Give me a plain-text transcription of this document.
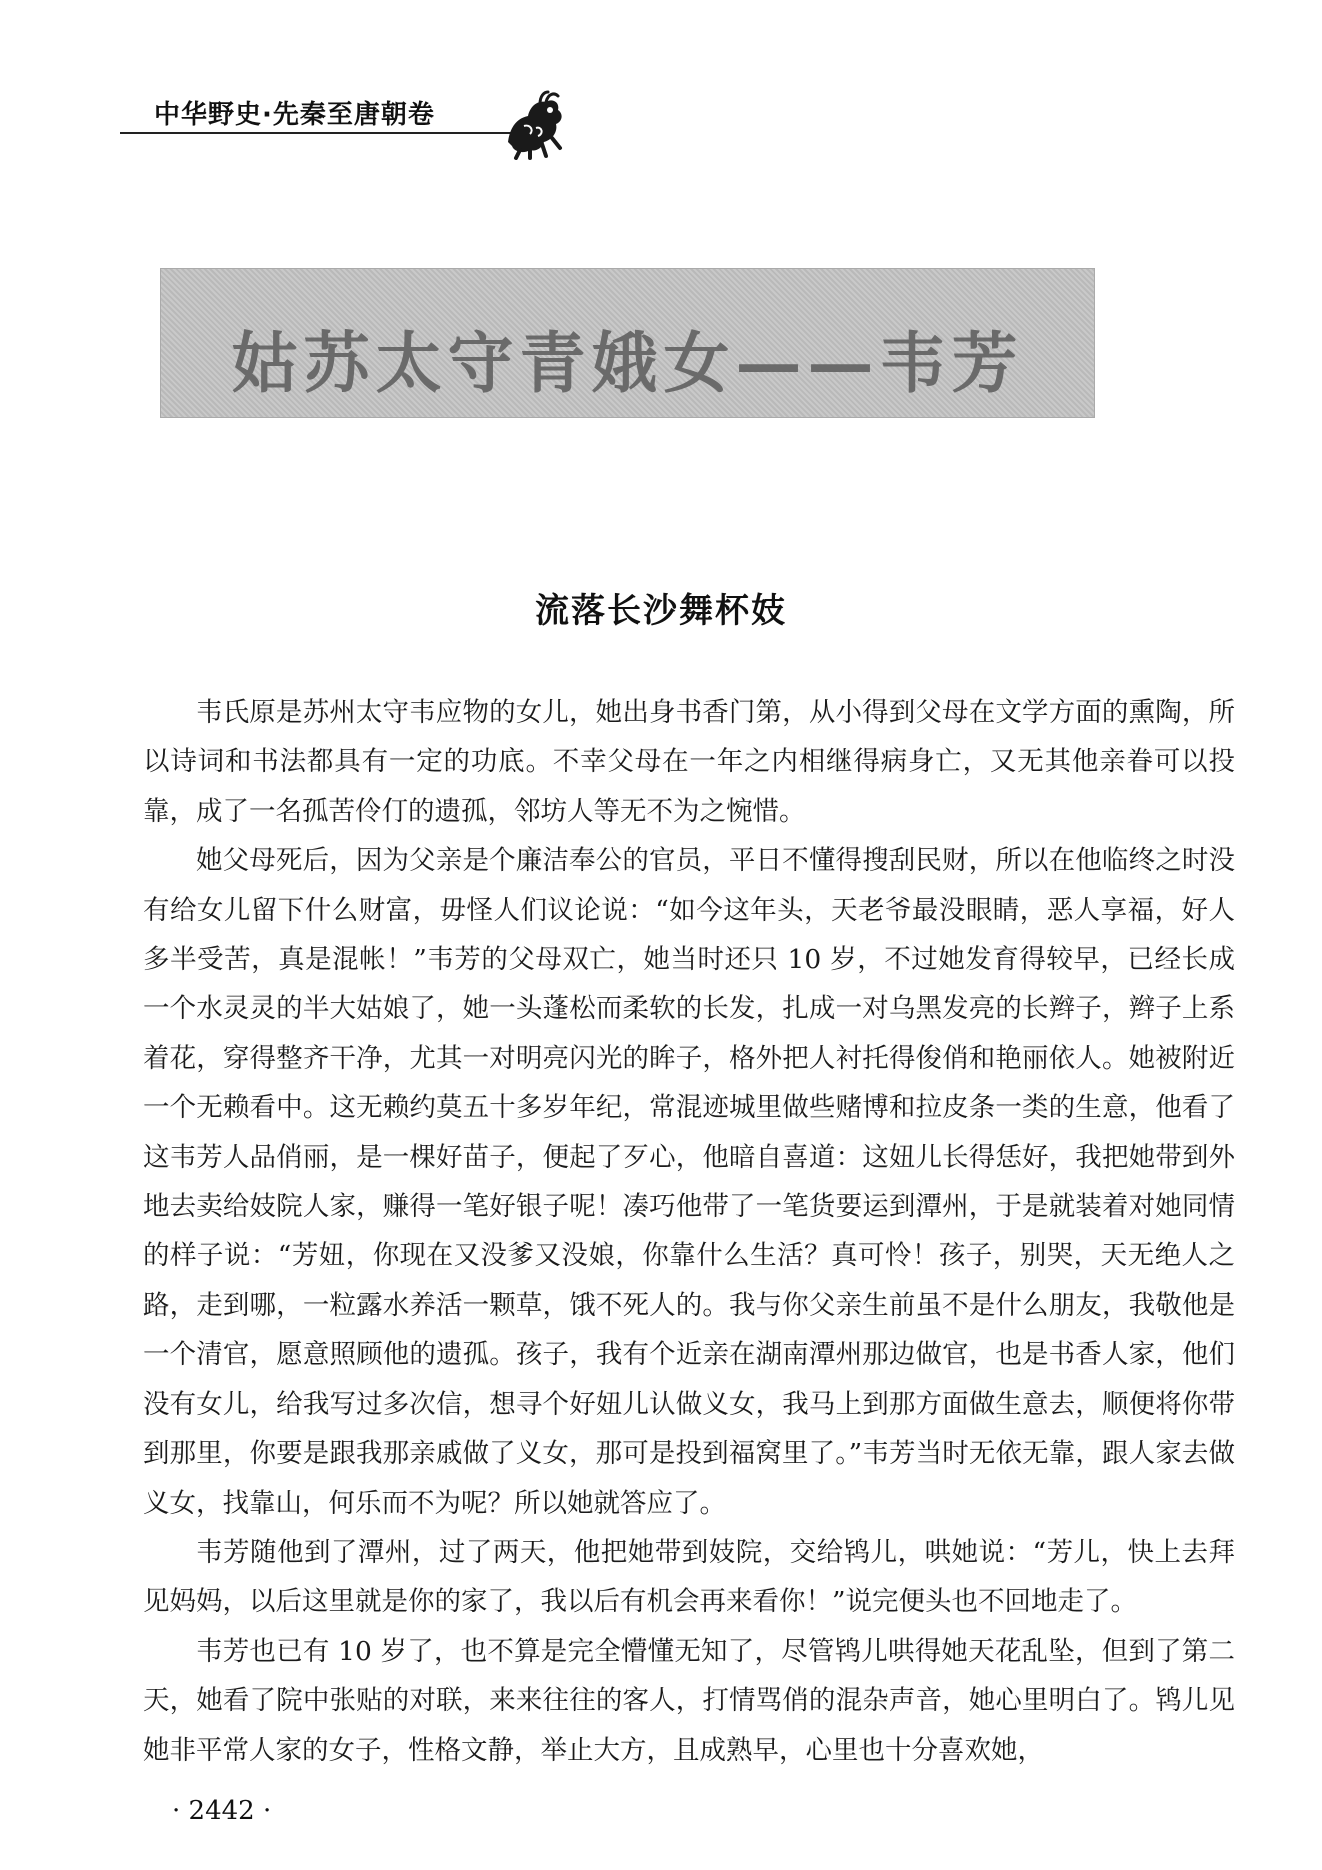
中华野史·先秦至唐朝卷
姑苏太守青娥女——韦芳
流落长沙舞杯妓

韦氏原是苏州太守韦应物的女儿，她出身书香门第，从小得到父母在文学方面的熏陶，所以诗词和书法都具有一定的功底。不幸父母在一年之内相继得病身亡，又无其他亲眷可以投靠，成了一名孤苦伶仃的遗孤，邻坊人等无不为之惋惜。

她父母死后，因为父亲是个廉洁奉公的官员，平日不懂得搜刮民财，所以在他临终之时没有给女儿留下什么财富，毋怪人们议论说：“如今这年头，天老爷最没眼睛，恶人享福，好人多半受苦，真是混帐！”韦芳的父母双亡，她当时还只 10 岁，不过她发育得较早，已经长成一个水灵灵的半大姑娘了，她一头蓬松而柔软的长发，扎成一对乌黑发亮的长辫子，辫子上系着花，穿得整齐干净，尤其一对明亮闪光的眸子，格外把人衬托得俊俏和艳丽依人。她被附近一个无赖看中。这无赖约莫五十多岁年纪，常混迹城里做些赌博和拉皮条一类的生意，他看了这韦芳人品俏丽，是一棵好苗子，便起了歹心，他暗自喜道：这妞儿长得恁好，我把她带到外地去卖给妓院人家，赚得一笔好银子呢！凑巧他带了一笔货要运到潭州，于是就装着对她同情的样子说：“芳妞，你现在又没爹又没娘，你靠什么生活？真可怜！孩子，别哭，天无绝人之路，走到哪，一粒露水养活一颗草，饿不死人的。我与你父亲生前虽不是什么朋友，我敬他是一个清官，愿意照顾他的遗孤。孩子，我有个近亲在湖南潭州那边做官，也是书香人家，他们没有女儿，给我写过多次信，想寻个好妞儿认做义女，我马上到那方面做生意去，顺便将你带到那里，你要是跟我那亲戚做了义女，那可是投到福窝里了。”韦芳当时无依无靠，跟人家去做义女，找靠山，何乐而不为呢？所以她就答应了。

韦芳随他到了潭州，过了两天，他把她带到妓院，交给鸨儿，哄她说：“芳儿，快上去拜见妈妈，以后这里就是你的家了，我以后有机会再来看你！”说完便头也不回地走了。

韦芳也已有 10 岁了，也不算是完全懵懂无知了，尽管鸨儿哄得她天花乱坠，但到了第二天，她看了院中张贴的对联，来来往往的客人，打情骂俏的混杂声音，她心里明白了。鸨儿见她非平常人家的女子，性格文静，举止大方，且成熟早，心里也十分喜欢她，

· 2442 ·
